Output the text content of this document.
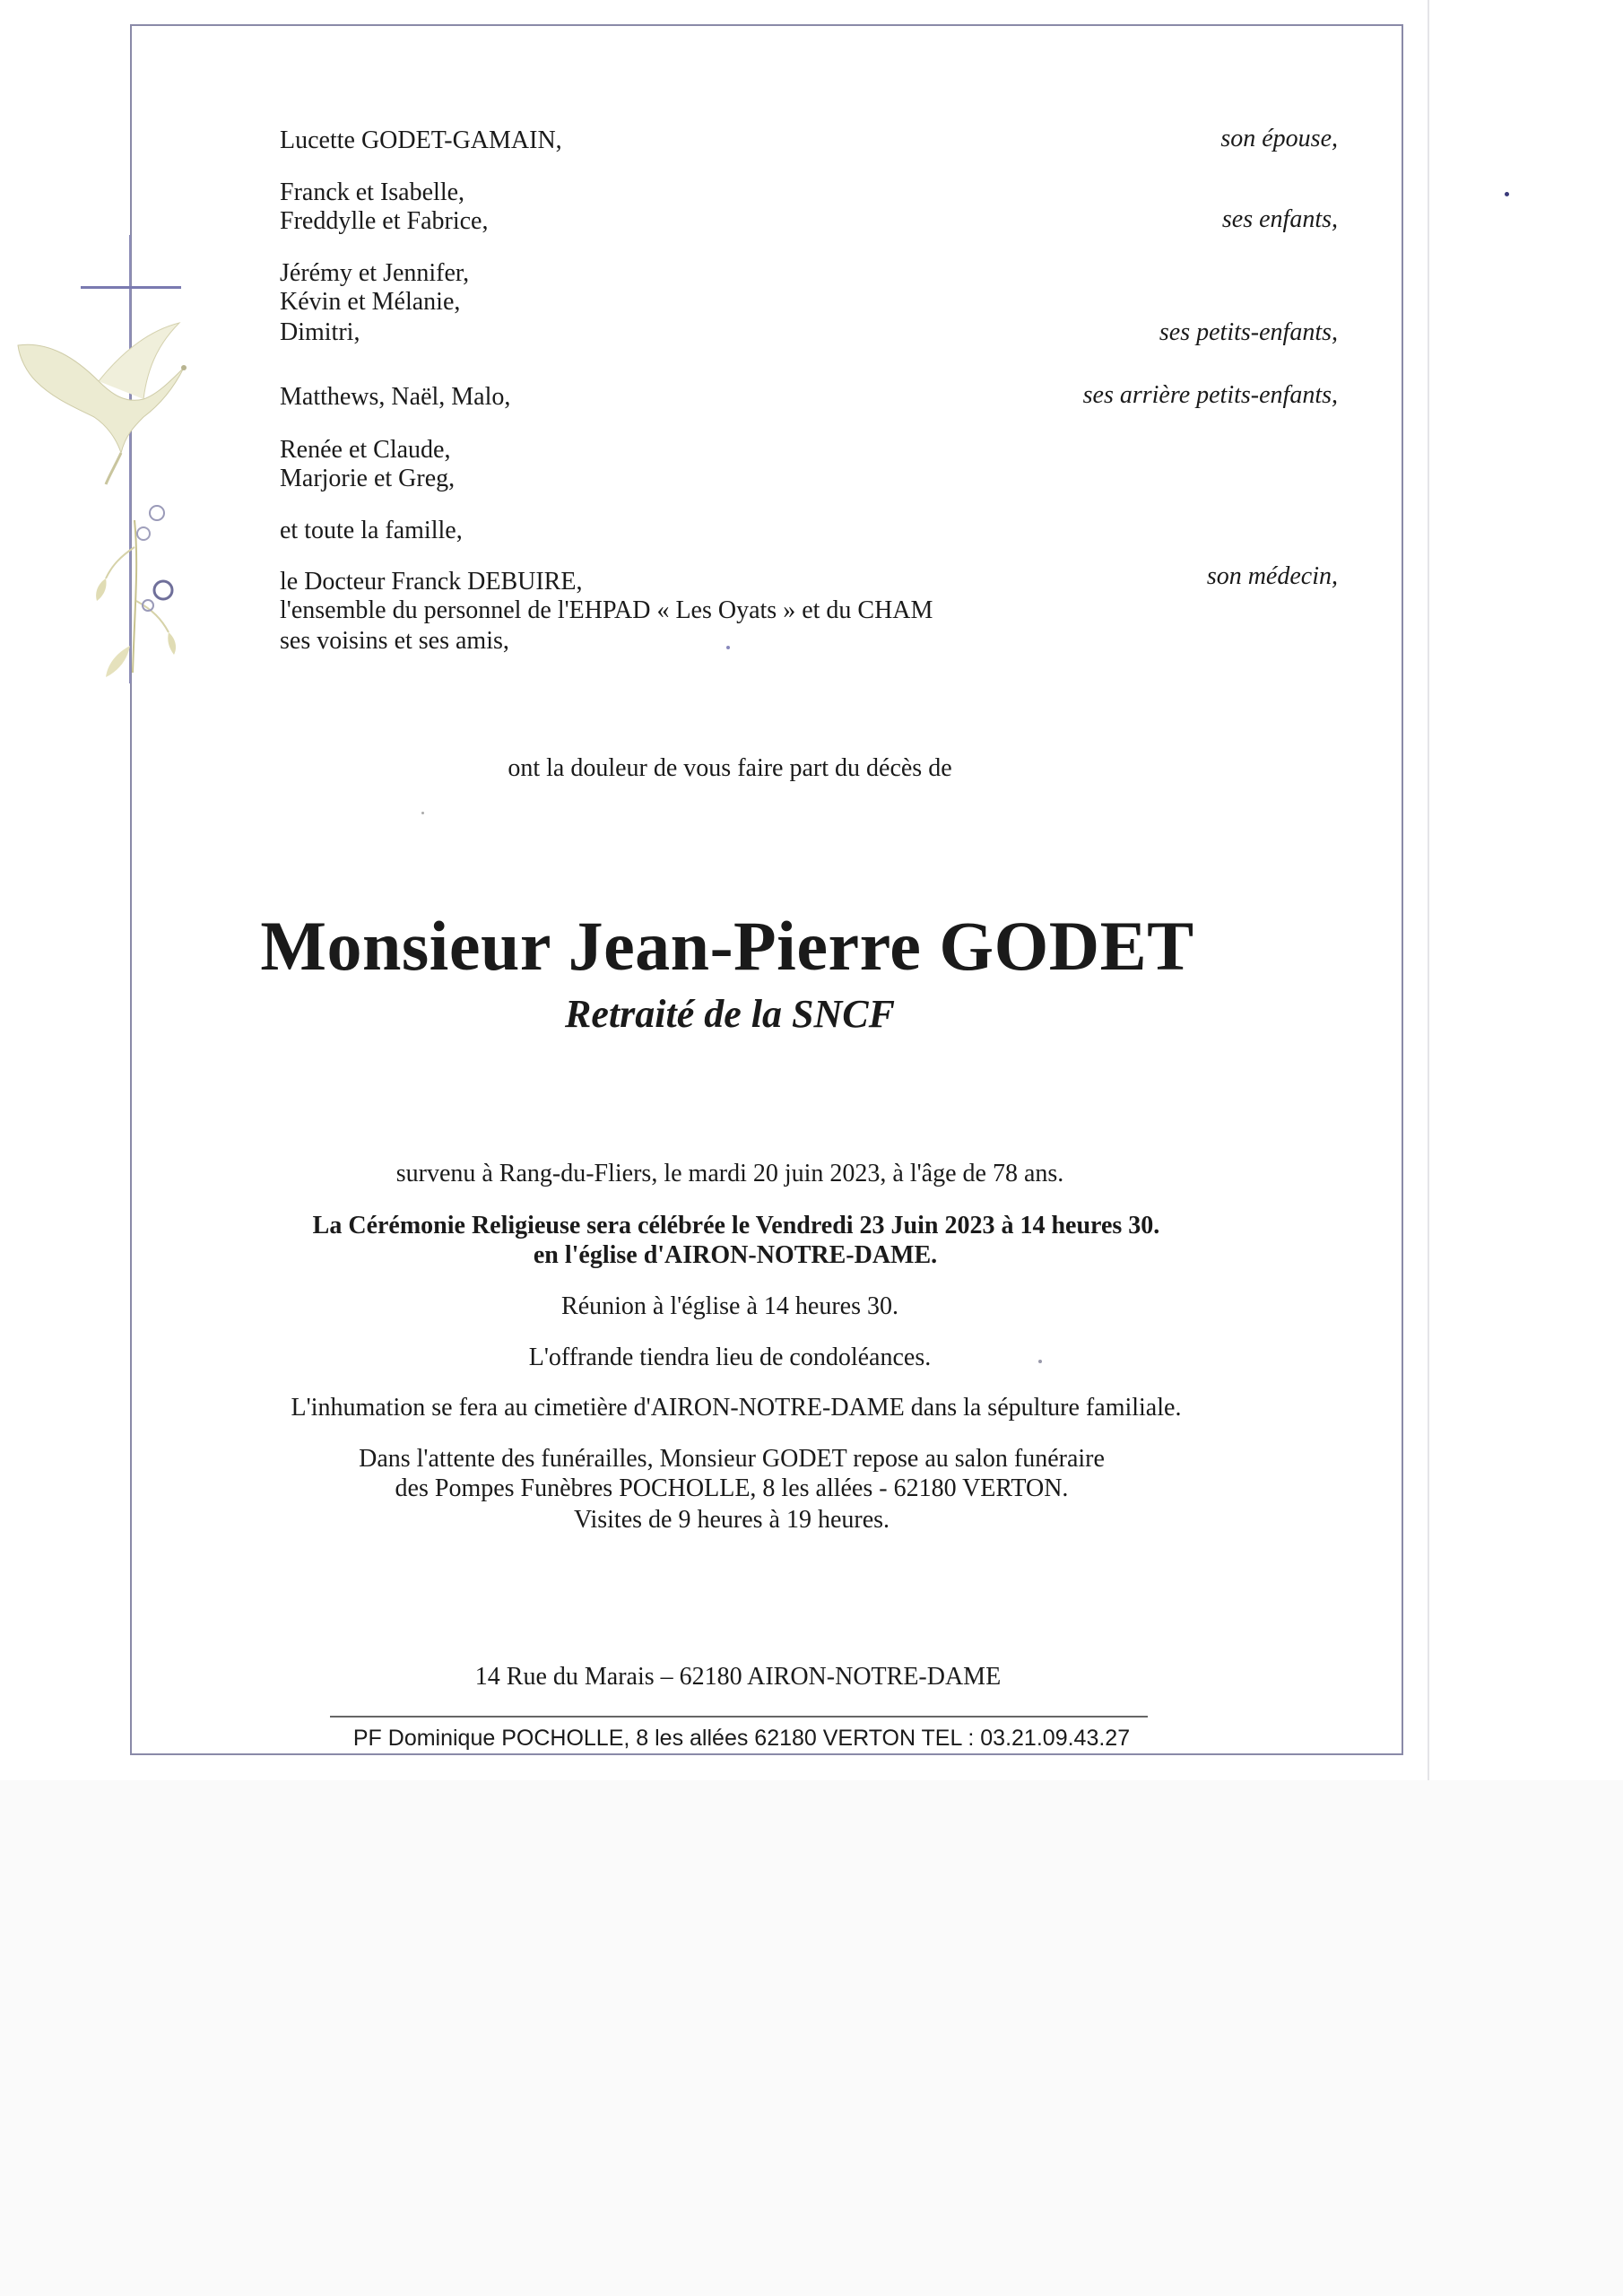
Lucette GODET-GAMAIN,	son épouse,
Franck et Isabelle,
Freddylle et Fabrice,	ses enfants,
Jérémy et Jennifer,
Kévin et Mélanie,
Dimitri,	ses petits-enfants,
Matthews, Naël, Malo,	ses arrière petits-enfants,
Renée et Claude,
Marjorie et Greg,
et toute la famille,
le Docteur Franck DEBUIRE,	son médecin,
l'ensemble du personnel de l'EHPAD « Les Oyats » et du CHAM
ses voisins et ses amis,
ont la douleur de vous faire part du décès de
Monsieur Jean-Pierre GODET
Retraité de la SNCF
survenu à Rang-du-Fliers, le mardi 20 juin 2023, à l'âge de 78 ans.
La Cérémonie Religieuse sera célébrée le Vendredi 23 Juin 2023 à 14 heures 30.
en l'église d'AIRON-NOTRE-DAME.
Réunion à l'église à 14 heures 30.
L'offrande tiendra lieu de condoléances.
L'inhumation se fera au cimetière d'AIRON-NOTRE-DAME dans la sépulture familiale.
Dans l'attente des funérailles, Monsieur GODET repose au salon funéraire
des Pompes Funèbres POCHOLLE, 8 les allées - 62180 VERTON.
Visites de 9 heures à 19 heures.
14 Rue du Marais – 62180 AIRON-NOTRE-DAME
PF Dominique POCHOLLE, 8 les allées 62180 VERTON TEL : 03.21.09.43.27
